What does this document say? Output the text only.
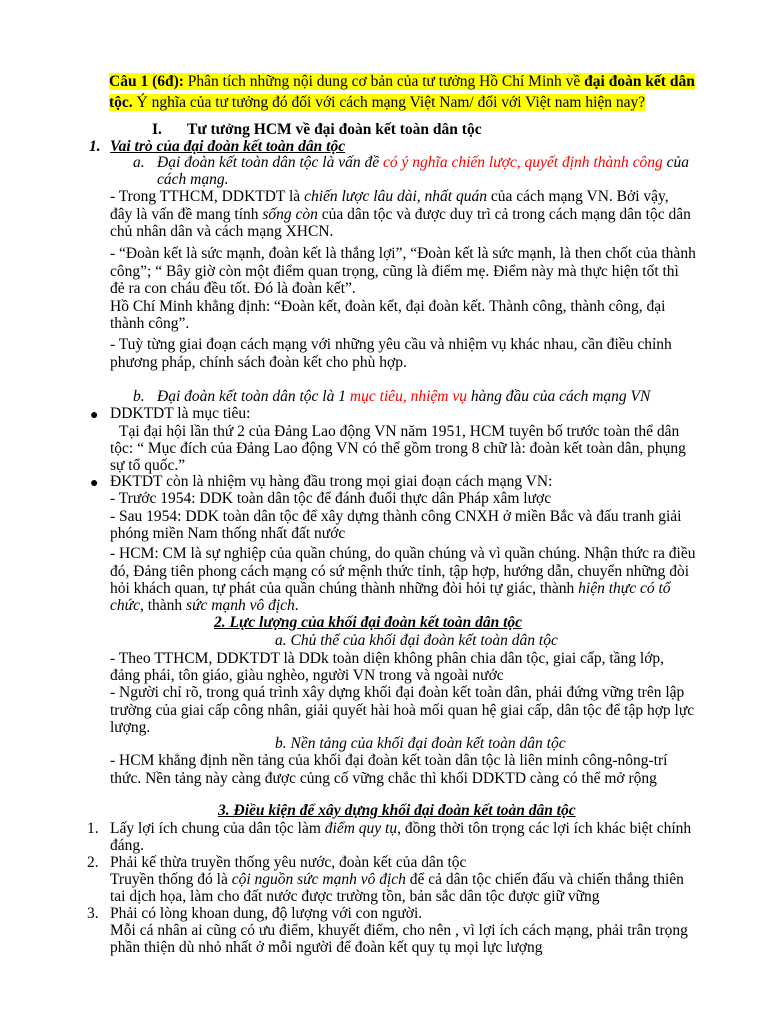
Câu 1 (6đ): Phân tích những nội dung cơ bản của tư tưởng Hồ Chí Minh về đại đoàn kết dân
tộc. Ý nghĩa của tư tưởng đó đối với cách mạng Việt Nam/ đối với Việt nam hiện nay?
I. Tư tưởng HCM về đại đoàn kết toàn dân tộc
1. Vai trò của đại đoàn kết toàn dân tộc
a. Đại đoàn kết toàn dân tộc là vấn đề có ý nghĩa chiến lược, quyết định thành công của
cách mạng.
- Trong TTHCM, DDKTDT là chiến lược lâu dài, nhất quán của cách mạng VN. Bởi vậy,
đây là vấn đề mang tính sống còn của dân tộc và được duy trì cả trong cách mạng dân tộc dân
chủ nhân dân và cách mạng XHCN.
- “Đoàn kết là sức mạnh, đoàn kết là thắng lợi”, “Đoàn kết là sức mạnh, là then chốt của thành
công”; “ Bây giờ còn một điểm quan trọng, cũng là điểm mẹ. Điểm này mà thực hiện tốt thì
đẻ ra con cháu đều tốt. Đó là đoàn kết”.
Hồ Chí Minh khẳng định: “Đoàn kết, đoàn kết, đại đoàn kết. Thành công, thành công, đại
thành công”.
- Tuỳ từng giai đoạn cách mạng với những yêu cầu và nhiệm vụ khác nhau, cần điều chỉnh
phương pháp, chính sách đoàn kết cho phù hợp.
b. Đại đoàn kết toàn dân tộc là 1 mục tiêu, nhiệm vụ hàng đầu của cách mạng VN
● DDKTDT là mục tiêu:
Tại đại hội lần thứ 2 của Đảng Lao động VN năm 1951, HCM tuyên bố trước toàn thể dân
tộc: “ Mục đích của Đảng Lao động VN có thể gồm trong 8 chữ là: đoàn kết toàn dân, phụng
sự tổ quốc.”
● ĐKTDT còn là nhiệm vụ hàng đầu trong mọi giai đoạn cách mạng VN:
- Trước 1954: DDK toàn dân tộc để đánh đuổi thực dân Pháp xâm lược
- Sau 1954: DDK toàn dân tộc để xây dựng thành công CNXH ở miền Bắc và đấu tranh giải
phóng miền Nam thống nhất đất nước
- HCM: CM là sự nghiệp của quần chúng, do quần chúng và vì quần chúng. Nhận thức ra điều
đó, Đảng tiên phong cách mạng có sứ mệnh thức tỉnh, tập hợp, hướng dẫn, chuyển những đòi
hỏi khách quan, tự phát của quần chúng thành những đòi hỏi tự giác, thành hiện thực có tổ
chức, thành sức mạnh vô địch.
2. Lực lượng của khối đại đoàn kết toàn dân tộc
a. Chủ thể của khối đại đoàn kết toàn dân tộc
- Theo TTHCM, DDKTDT là DDk toàn diện không phân chia dân tộc, giai cấp, tầng lớp,
đảng phái, tôn giáo, giàu nghèo, người VN trong và ngoài nước
- Người chỉ rõ, trong quá trình xây dựng khối đại đoàn kết toàn dân, phải đứng vững trên lập
trường của giai cấp công nhân, giải quyết hài hoà mối quan hệ giai cấp, dân tộc để tập hợp lực
lượng.
b. Nền tảng của khối đại đoàn kết toàn dân tộc
- HCM khẳng định nền tảng của khối đại đoàn kết toàn dân tộc là liên minh công-nông-trí
thức. Nền tảng này càng được củng cố vững chắc thì khối DDKTD càng có thể mở rộng
3. Điều kiện để xây dựng khối đại đoàn kết toàn dân tộc
1. Lấy lợi ích chung của dân tộc làm điểm quy tụ, đồng thời tôn trọng các lợi ích khác biệt chính
đáng.
2. Phải kế thừa truyền thống yêu nước, đoàn kết của dân tộc
Truyền thống đó là cội nguồn sức mạnh vô địch để cả dân tộc chiến đấu và chiến thắng thiên
tai dịch họa, làm cho đất nước được trường tồn, bản sắc dân tộc được giữ vững
3. Phải có lòng khoan dung, độ lượng với con người.
Mỗi cá nhân ai cũng có ưu điểm, khuyết điểm, cho nên , vì lợi ích cách mạng, phải trân trọng
phần thiện dù nhỏ nhất ở mỗi người để đoàn kết quy tụ mọi lực lượng
